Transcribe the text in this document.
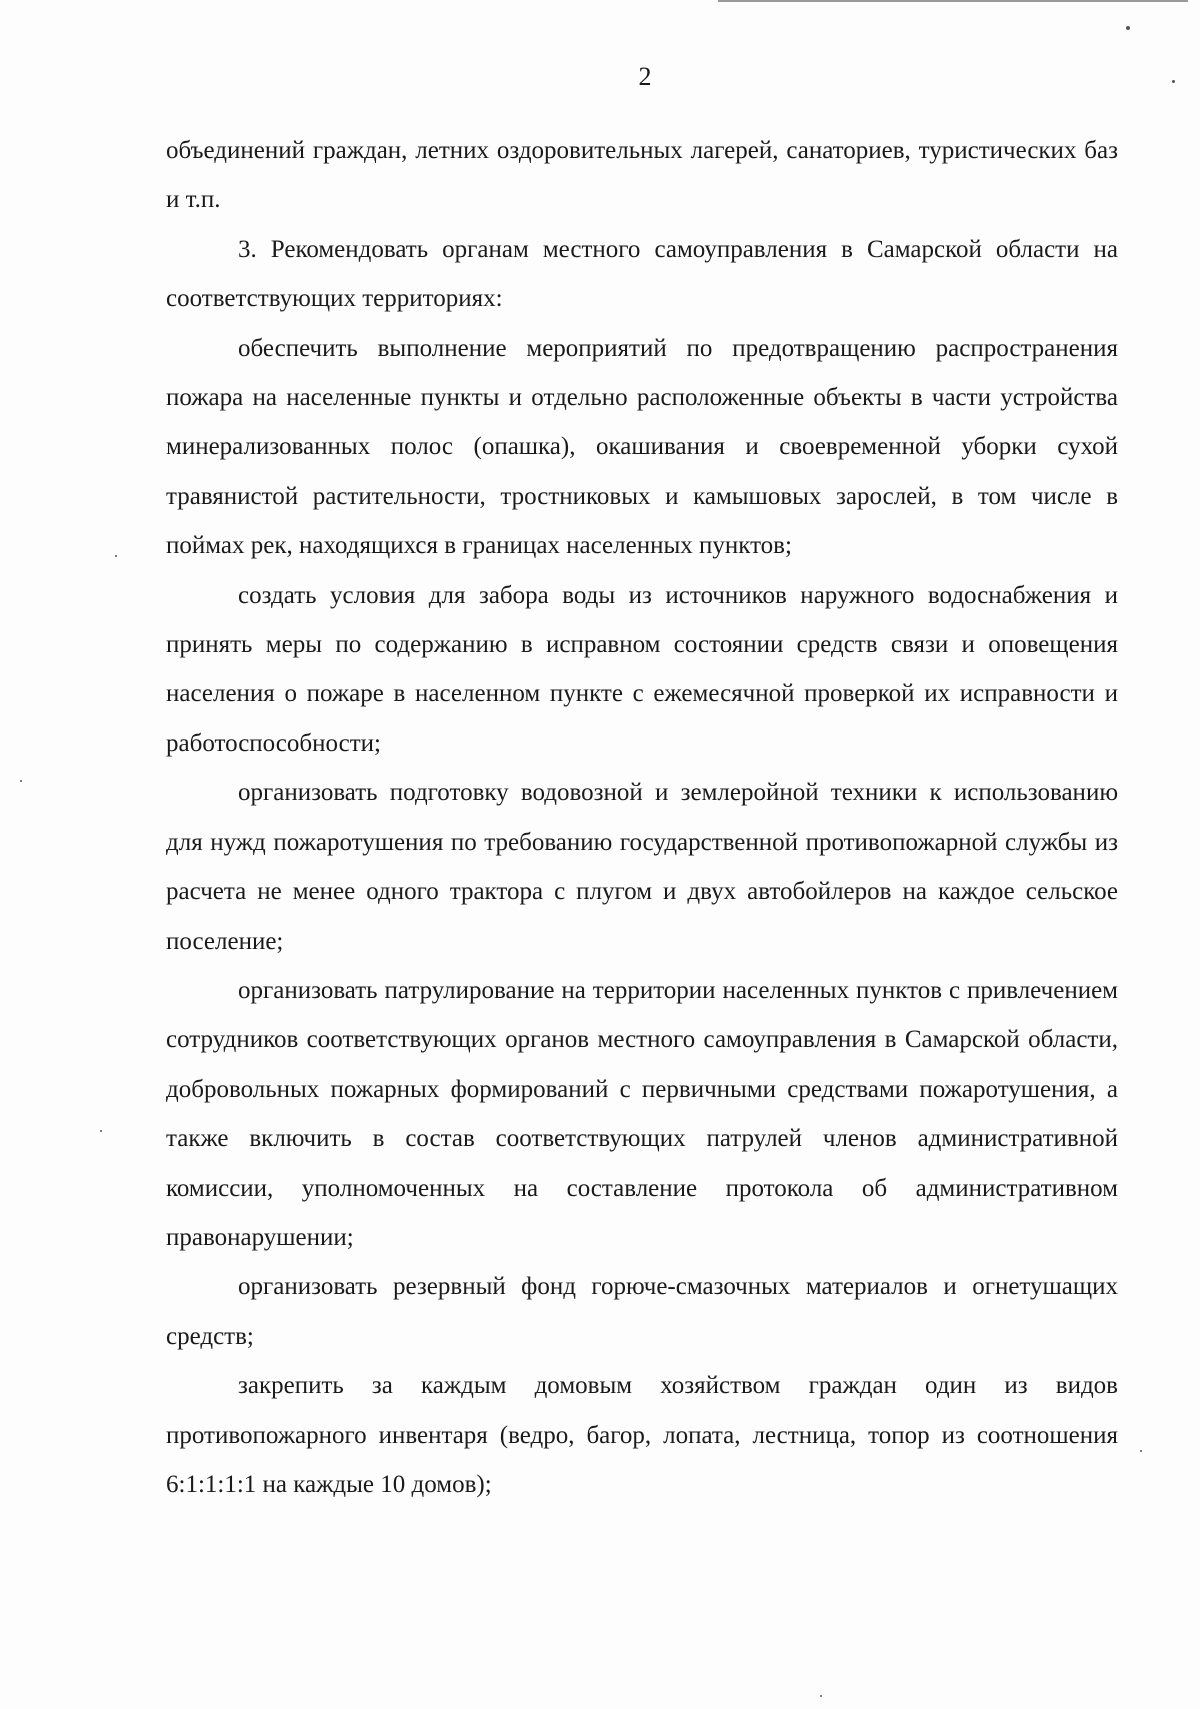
2

объединений граждан, летних оздоровительных лагерей, санаториев, туристических баз и т.п.

3. Рекомендовать органам местного самоуправления в Самарской области на соответствующих территориях:

обеспечить выполнение мероприятий по предотвращению распространения пожара на населенные пункты и отдельно расположенные объекты в части устройства минерализованных полос (опашка), окашивания и своевременной уборки сухой травянистой растительности, тростниковых и камышовых зарослей, в том числе в поймах рек, находящихся в границах населенных пунктов;

создать условия для забора воды из источников наружного водоснабжения и принять меры по содержанию в исправном состоянии средств связи и оповещения населения о пожаре в населенном пункте с ежемесячной проверкой их исправности и работоспособности;

организовать подготовку водовозной и землеройной техники к использованию для нужд пожаротушения по требованию государственной противопожарной службы из расчета не менее одного трактора с плугом и двух автобойлеров на каждое сельское поселение;

организовать патрулирование на территории населенных пунктов с привлечением сотрудников соответствующих органов местного самоуправления в Самарской области, добровольных пожарных формирований с первичными средствами пожаротушения, а также включить в состав соответствующих патрулей членов административной комиссии, уполномоченных на составление протокола об административном правонарушении;

организовать резервный фонд горюче-смазочных материалов и огнетушащих средств;

закрепить за каждым домовым хозяйством граждан один из видов противопожарного инвентаря (ведро, багор, лопата, лестница, топор из соотношения 6:1:1:1:1 на каждые 10 домов);
